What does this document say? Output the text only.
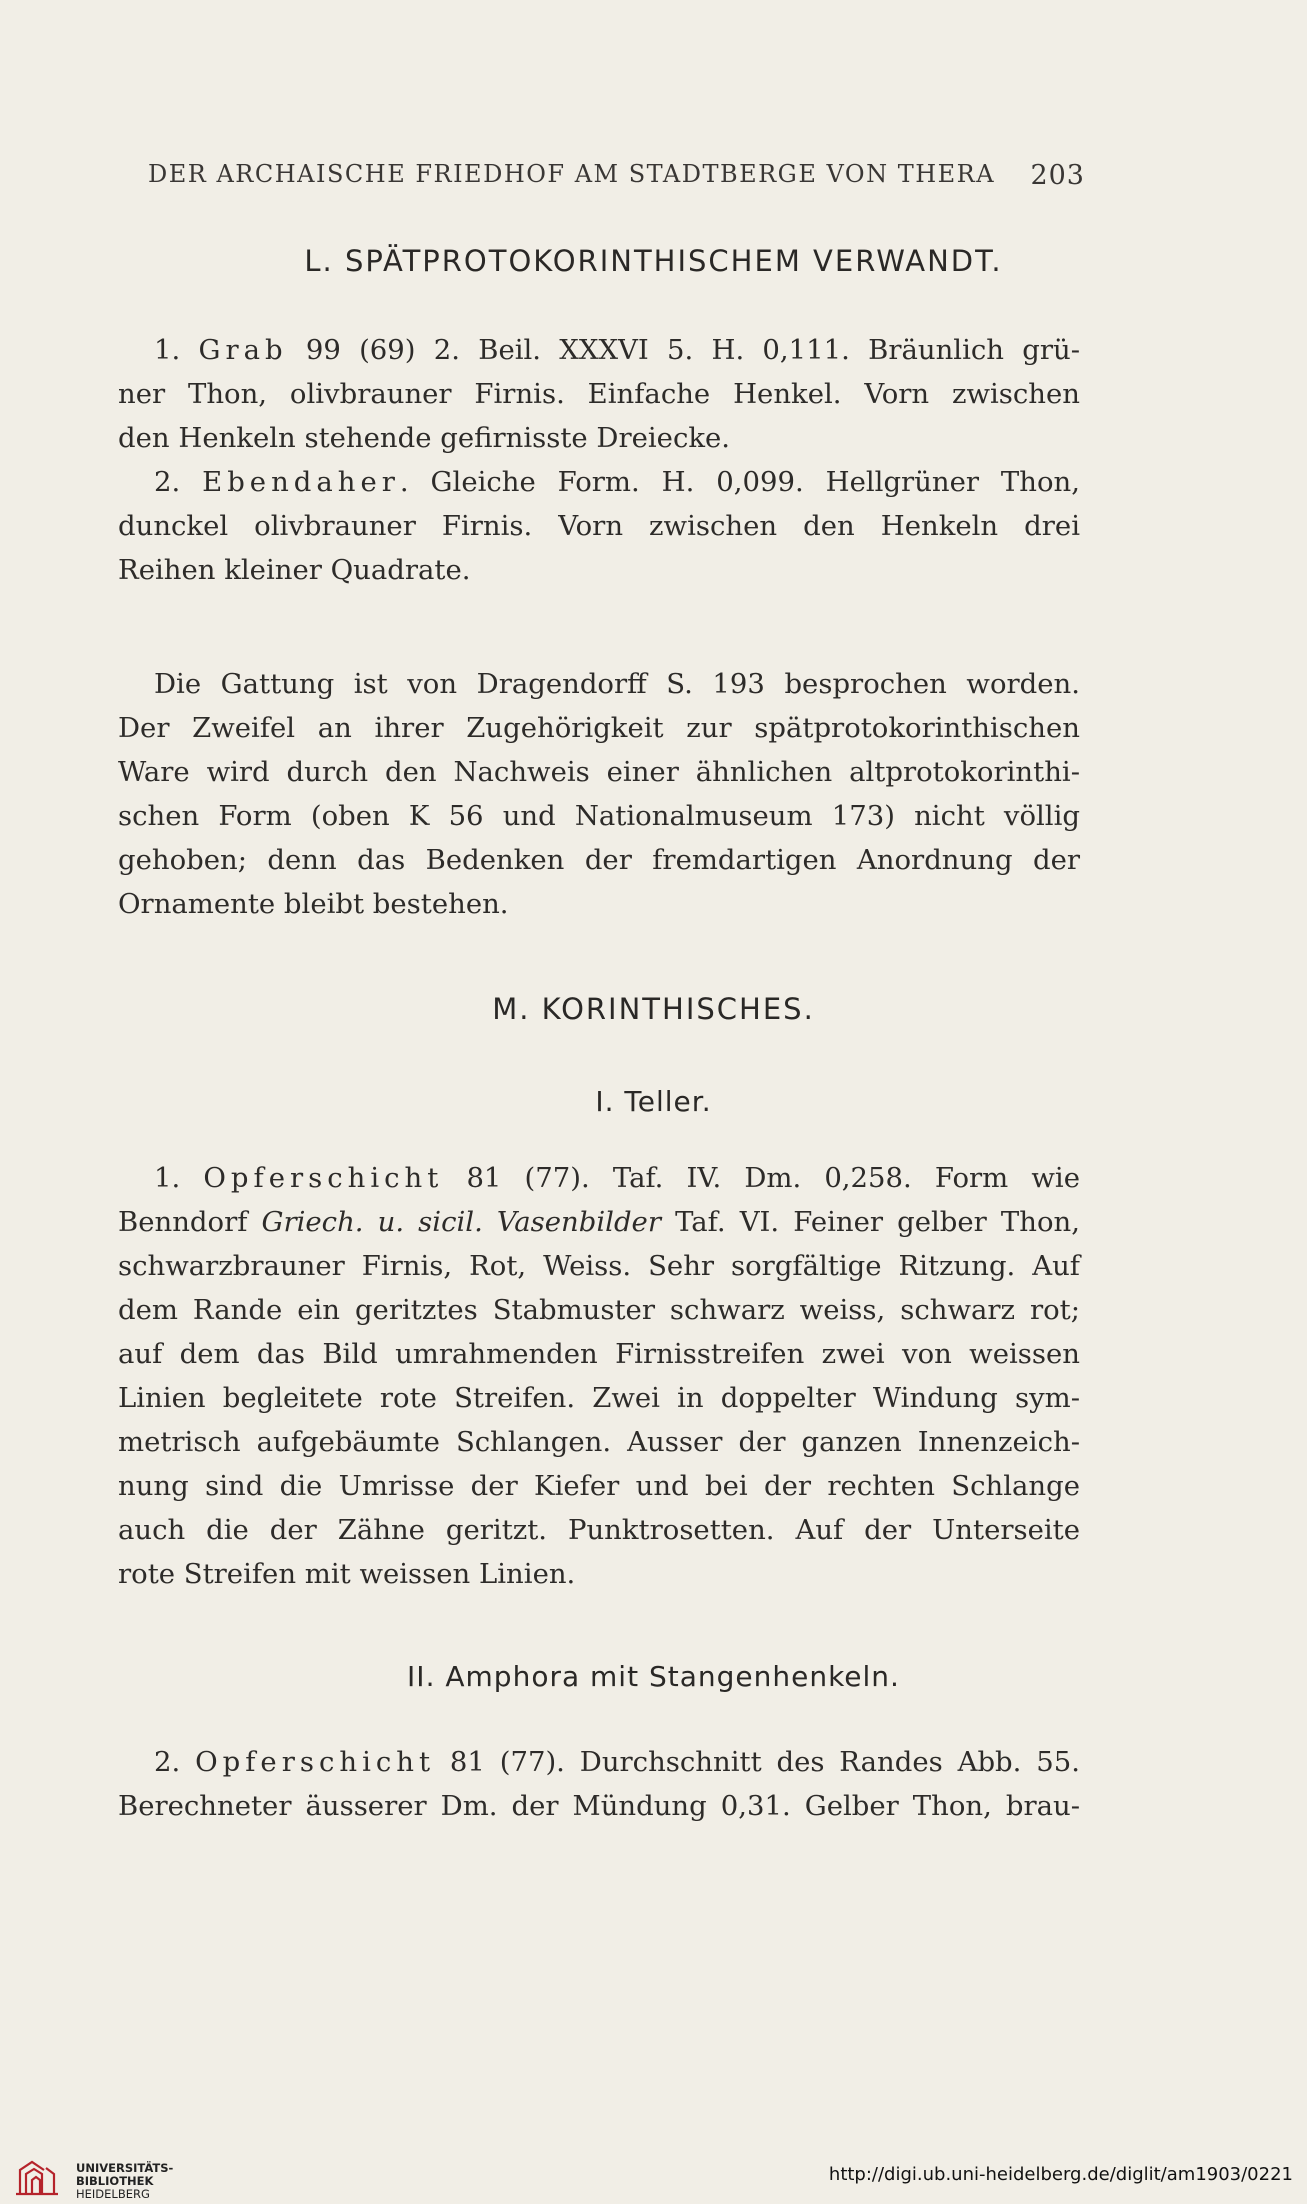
DER ARCHAISCHE FRIEDHOF AM STADTBERGE VON THERA 203
L. SPÄTPROTOKORINTHISCHEM VERWANDT.
1. Grab 99 (69) 2. Beil. XXXVI 5. H. 0,111. Bräunlich grü-
ner Thon, olivbrauner Firnis. Einfache Henkel. Vorn zwischen
den Henkeln stehende gefirnisste Dreiecke.
2. Ebendaher. Gleiche Form. H. 0,099. Hellgrüner Thon,
dunckel olivbrauner Firnis. Vorn zwischen den Henkeln drei
Reihen kleiner Quadrate.
Die Gattung ist von Dragendorff S. 193 besprochen worden.
Der Zweifel an ihrer Zugehörigkeit zur spätprotokorinthischen
Ware wird durch den Nachweis einer ähnlichen altprotokorinthi-
schen Form (oben K 56 und Nationalmuseum 173) nicht völlig
gehoben; denn das Bedenken der fremdartigen Anordnung der
Ornamente bleibt bestehen.
M. KORINTHISCHES.
I. Teller.
1. Opferschicht 81 (77). Taf. IV. Dm. 0,258. Form wie
Benndorf Griech. u. sicil. Vasenbilder Taf. VI. Feiner gelber Thon,
schwarzbrauner Firnis, Rot, Weiss. Sehr sorgfältige Ritzung. Auf
dem Rande ein geritztes Stabmuster schwarz weiss, schwarz rot;
auf dem das Bild umrahmenden Firnisstreifen zwei von weissen
Linien begleitete rote Streifen. Zwei in doppelter Windung sym-
metrisch aufgebäumte Schlangen. Ausser der ganzen Innenzeich-
nung sind die Umrisse der Kiefer und bei der rechten Schlange
auch die der Zähne geritzt. Punktrosetten. Auf der Unterseite
rote Streifen mit weissen Linien.
II. Amphora mit Stangenhenkeln.
2. Opferschicht 81 (77). Durchschnitt des Randes Abb. 55.
Berechneter äusserer Dm. der Mündung 0,31. Gelber Thon, brau-
UNIVERSITÄTS-
BIBLIOTHEK
HEIDELBERG
http://digi.ub.uni-heidelberg.de/diglit/am1903/0221
